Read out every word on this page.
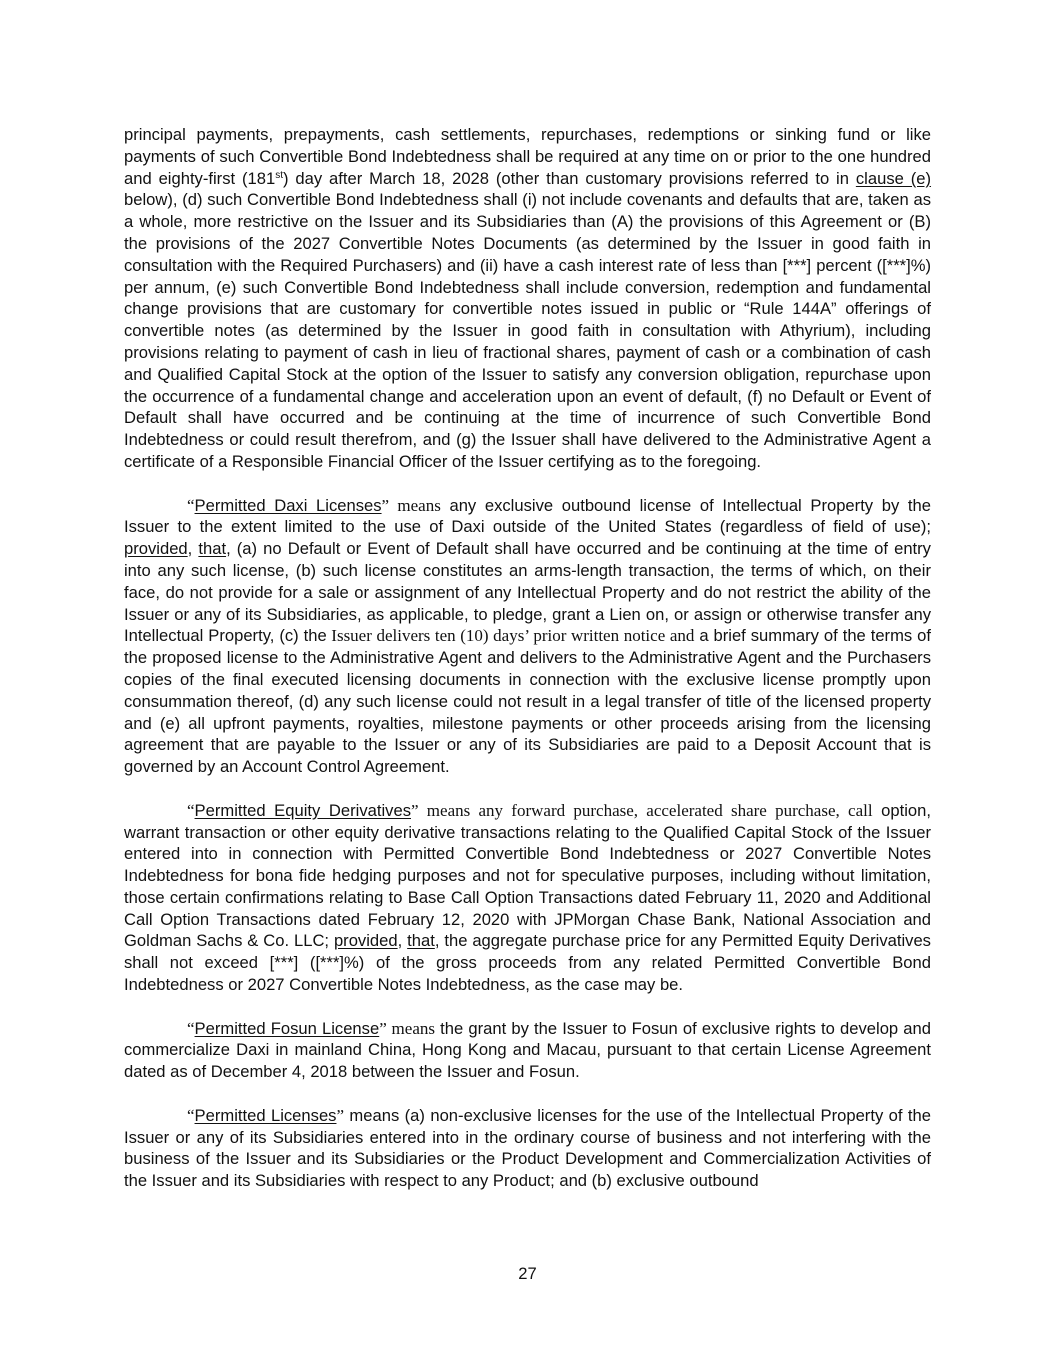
principal payments, prepayments, cash settlements, repurchases, redemptions or sinking fund or like payments of such Convertible Bond Indebtedness shall be required at any time on or prior to the one hundred and eighty-first (181st) day after March 18, 2028 (other than customary provisions referred to in clause (e) below), (d) such Convertible Bond Indebtedness shall (i) not include covenants and defaults that are, taken as a whole, more restrictive on the Issuer and its Subsidiaries than (A) the provisions of this Agreement or (B) the provisions of the 2027 Convertible Notes Documents (as determined by the Issuer in good faith in consultation with the Required Purchasers) and (ii) have a cash interest rate of less than [***] percent ([***]%) per annum, (e) such Convertible Bond Indebtedness shall include conversion, redemption and fundamental change provisions that are customary for convertible notes issued in public or “Rule 144A” offerings of convertible notes (as determined by the Issuer in good faith in consultation with Athyrium), including provisions relating to payment of cash in lieu of fractional shares, payment of cash or a combination of cash and Qualified Capital Stock at the option of the Issuer to satisfy any conversion obligation, repurchase upon the occurrence of a fundamental change and acceleration upon an event of default, (f) no Default or Event of Default shall have occurred and be continuing at the time of incurrence of such Convertible Bond Indebtedness or could result therefrom, and (g) the Issuer shall have delivered to the Administrative Agent a certificate of a Responsible Financial Officer of the Issuer certifying as to the foregoing.

“Permitted Daxi Licenses” means any exclusive outbound license of Intellectual Property by the Issuer to the extent limited to the use of Daxi outside of the United States (regardless of field of use); provided, that, (a) no Default or Event of Default shall have occurred and be continuing at the time of entry into any such license, (b) such license constitutes an arms-length transaction, the terms of which, on their face, do not provide for a sale or assignment of any Intellectual Property and do not restrict the ability of the Issuer or any of its Subsidiaries, as applicable, to pledge, grant a Lien on, or assign or otherwise transfer any Intellectual Property, (c) the Issuer delivers ten (10) days’ prior written notice and a brief summary of the terms of the proposed license to the Administrative Agent and delivers to the Administrative Agent and the Purchasers copies of the final executed licensing documents in connection with the exclusive license promptly upon consummation thereof, (d) any such license could not result in a legal transfer of title of the licensed property and (e) all upfront payments, royalties, milestone payments or other proceeds arising from the licensing agreement that are payable to the Issuer or any of its Subsidiaries are paid to a Deposit Account that is governed by an Account Control Agreement.

“Permitted Equity Derivatives” means any forward purchase, accelerated share purchase, call option, warrant transaction or other equity derivative transactions relating to the Qualified Capital Stock of the Issuer entered into in connection with Permitted Convertible Bond Indebtedness or 2027 Convertible Notes Indebtedness for bona fide hedging purposes and not for speculative purposes, including without limitation, those certain confirmations relating to Base Call Option Transactions dated February 11, 2020 and Additional Call Option Transactions dated February 12, 2020 with JPMorgan Chase Bank, National Association and Goldman Sachs & Co. LLC; provided, that, the aggregate purchase price for any Permitted Equity Derivatives shall not exceed [***] ([***]%) of the gross proceeds from any related Permitted Convertible Bond Indebtedness or 2027 Convertible Notes Indebtedness, as the case may be.

“Permitted Fosun License” means the grant by the Issuer to Fosun of exclusive rights to develop and commercialize Daxi in mainland China, Hong Kong and Macau, pursuant to that certain License Agreement dated as of December 4, 2018 between the Issuer and Fosun.

“Permitted Licenses” means (a) non-exclusive licenses for the use of the Intellectual Property of the Issuer or any of its Subsidiaries entered into in the ordinary course of business and not interfering with the business of the Issuer and its Subsidiaries or the Product Development and Commercialization Activities of the Issuer and its Subsidiaries with respect to any Product; and (b) exclusive outbound

27
